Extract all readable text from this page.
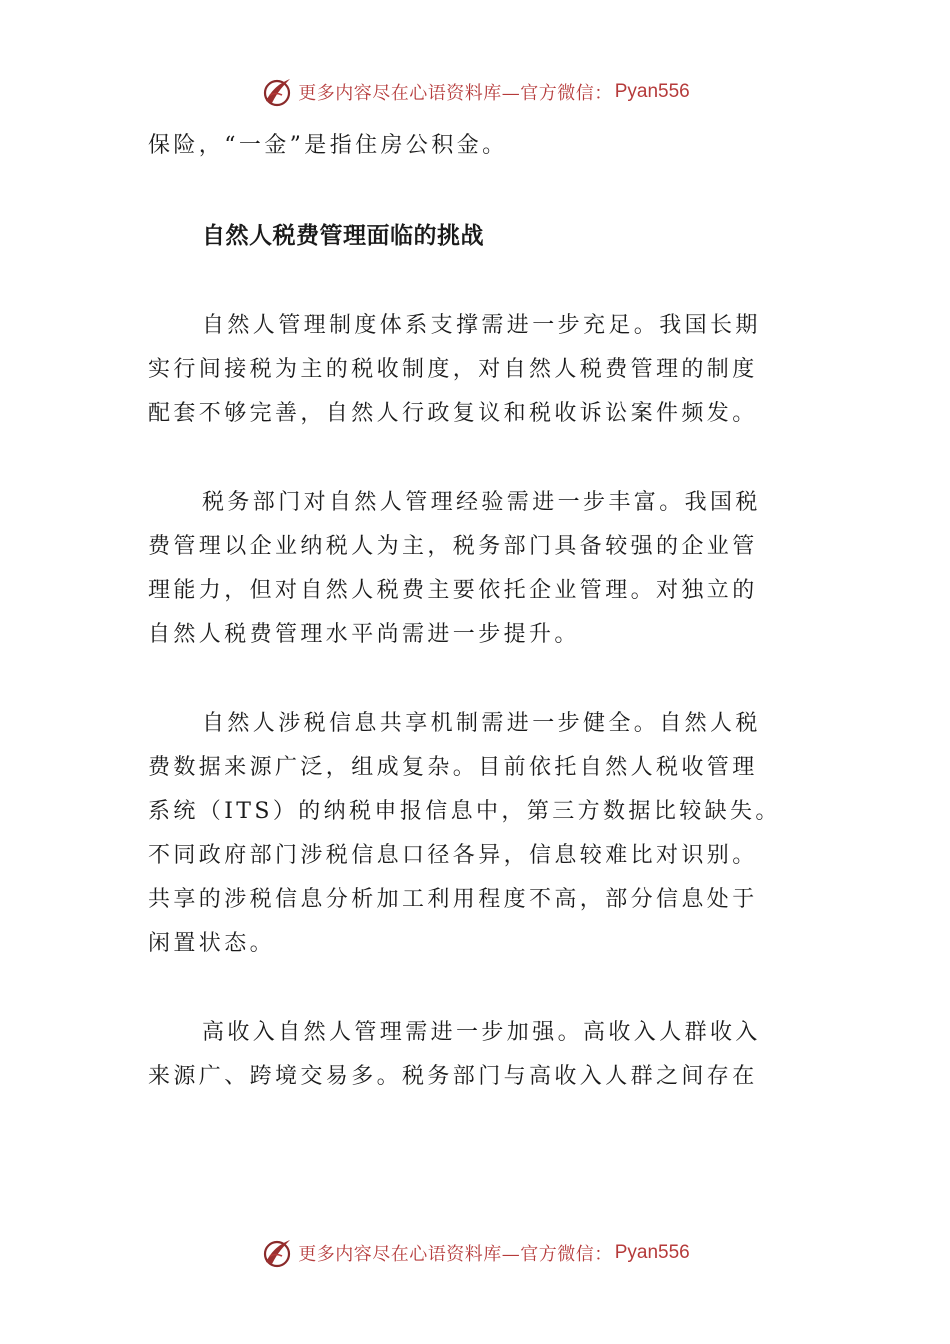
更多内容尽在心语资料库—官方微信： Pyan556

保险，“一金”是指住房公积金。

自然人税费管理面临的挑战

自然人管理制度体系支撑需进一步充足。我国长期

实行间接税为主的税收制度，对自然人税费管理的制度

配套不够完善，自然人行政复议和税收诉讼案件频发。

税务部门对自然人管理经验需进一步丰富。我国税

费管理以企业纳税人为主，税务部门具备较强的企业管

理能力，但对自然人税费主要依托企业管理。对独立的

自然人税费管理水平尚需进一步提升。

自然人涉税信息共享机制需进一步健全。自然人税

费数据来源广泛，组成复杂。目前依托自然人税收管理

系统（ITS）的纳税申报信息中，第三方数据比较缺失。

不同政府部门涉税信息口径各异，信息较难比对识别。

共享的涉税信息分析加工利用程度不高，部分信息处于

闲置状态。

高收入自然人管理需进一步加强。高收入人群收入

来源广、跨境交易多。税务部门与高收入人群之间存在

更多内容尽在心语资料库—官方微信： Pyan556
